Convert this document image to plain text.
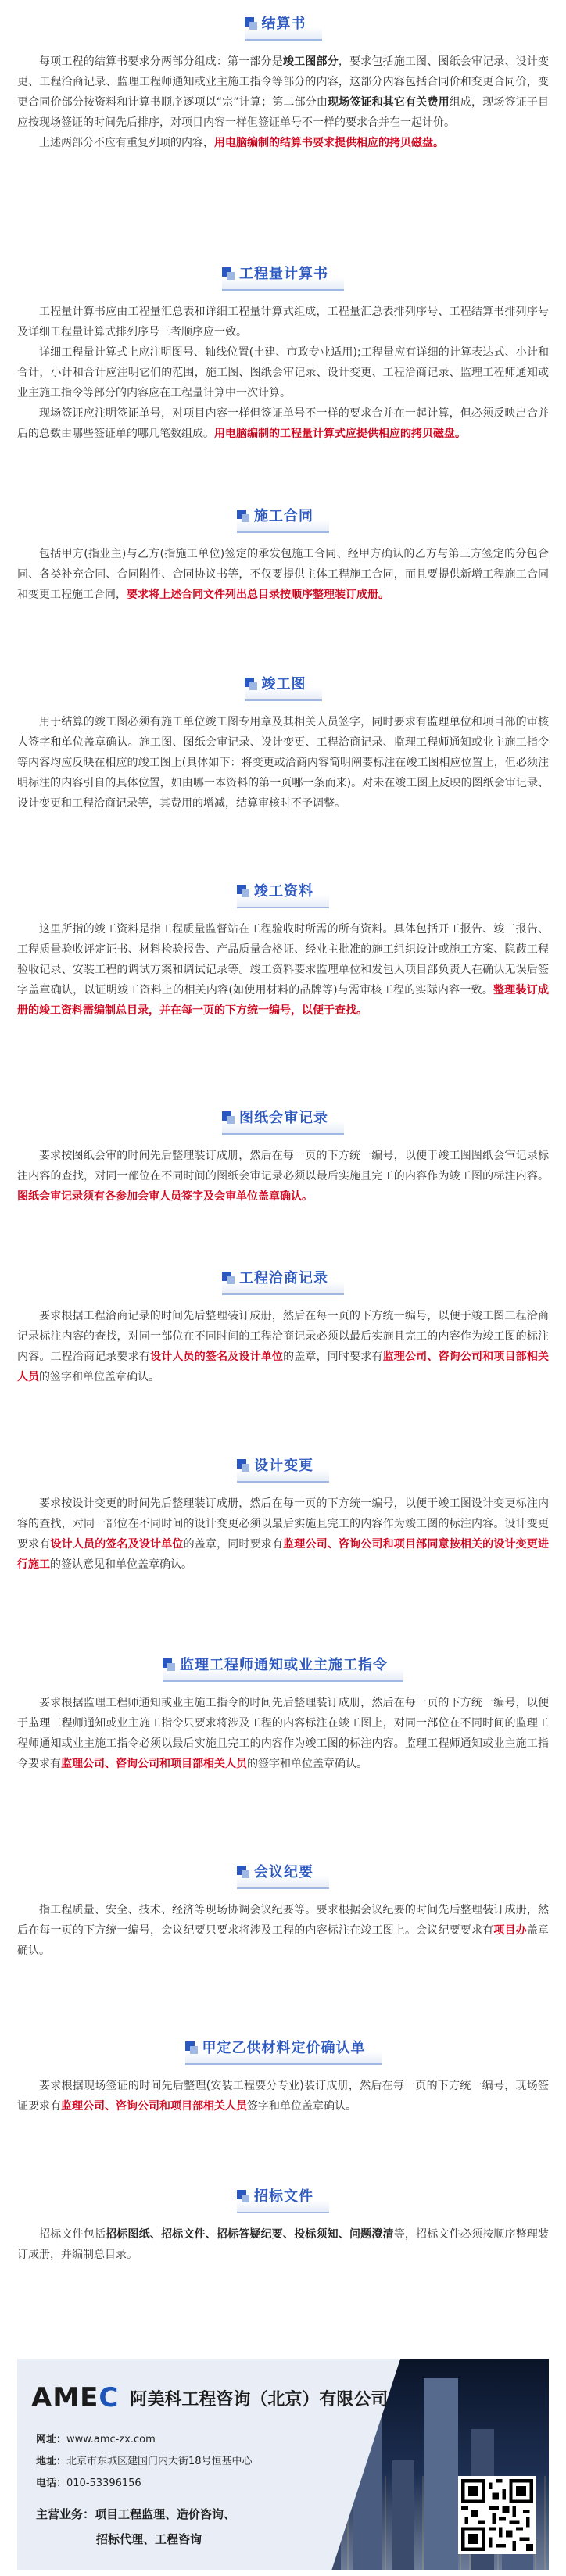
结算书

每项工程的结算书要求分两部分组成：第一部分是竣工图部分，要求包括施工图、图纸会审记录、设计变更、工程洽商记录、监理工程师通知或业主施工指令等部分的内容，这部分内容包括合同价和变更合同价，变更合同价部分按资料和计算书顺序逐项以“宗”计算；第二部分由现场签证和其它有关费用组成，现场签证子目应按现场签证的时间先后排序，对项目内容一样但签证单号不一样的要求合并在一起计价。

上述两部分不应有重复列项的内容，用电脑编制的结算书要求提供相应的拷贝磁盘。

工程量计算书

工程量计算书应由工程量汇总表和详细工程量计算式组成，工程量汇总表排列序号、工程结算书排列序号及详细工程量计算式排列序号三者顺序应一致。

详细工程量计算式上应注明图号、轴线位置(土建、市政专业适用);工程量应有详细的计算表达式、小计和合计，小计和合计应注明它们的范围，施工图、图纸会审记录、设计变更、工程洽商记录、监理工程师通知或业主施工指令等部分的内容应在工程量计算中一次计算。

现场签证应注明签证单号，对项目内容一样但签证单号不一样的要求合并在一起计算，但必须反映出合并后的总数由哪些签证单的哪几笔数组成。用电脑编制的工程量计算式应提供相应的拷贝磁盘。

施工合同

包括甲方(指业主)与乙方(指施工单位)签定的承发包施工合同、经甲方确认的乙方与第三方签定的分包合同、各类补充合同、合同附件、合同协议书等，不仅要提供主体工程施工合同，而且要提供新增工程施工合同和变更工程施工合同，要求将上述合同文件列出总目录按顺序整理装订成册。

竣工图

用于结算的竣工图必须有施工单位竣工图专用章及其相关人员签字，同时要求有监理单位和项目部的审核人签字和单位盖章确认。施工图、图纸会审记录、设计变更、工程洽商记录、监理工程师通知或业主施工指令等内容均应反映在相应的竣工图上(具体如下：将变更或洽商内容简明阐要标注在竣工图相应位置上，但必须注明标注的内容引自的具体位置，如由哪一本资料的第一页哪一条而来)。对未在竣工图上反映的图纸会审记录、设计变更和工程洽商记录等，其费用的增减，结算审核时不予调整。

竣工资料

这里所指的竣工资料是指工程质量监督站在工程验收时所需的所有资料。具体包括开工报告、竣工报告、工程质量验收评定证书、材料检验报告、产品质量合格证、经业主批准的施工组织设计或施工方案、隐蔽工程验收记录、安装工程的调试方案和调试记录等。竣工资料要求监理单位和发包人项目部负责人在确认无误后签字盖章确认，以证明竣工资料上的相关内容(如使用材料的品牌等)与需审核工程的实际内容一致。整理装订成册的竣工资料需编制总目录，并在每一页的下方统一编号，以便于查找。

图纸会审记录

要求按图纸会审的时间先后整理装订成册，然后在每一页的下方统一编号，以便于竣工图图纸会审记录标注内容的查找，对同一部位在不同时间的图纸会审记录必须以最后实施且完工的内容作为竣工图的标注内容。图纸会审记录须有各参加会审人员签字及会审单位盖章确认。

工程洽商记录

要求根据工程洽商记录的时间先后整理装订成册，然后在每一页的下方统一编号，以便于竣工图工程洽商记录标注内容的查找，对同一部位在不同时间的工程洽商记录必须以最后实施且完工的内容作为竣工图的标注内容。工程洽商记录要求有设计人员的签名及设计单位的盖章，同时要求有监理公司、咨询公司和项目部相关人员的签字和单位盖章确认。

设计变更

要求按设计变更的时间先后整理装订成册，然后在每一页的下方统一编号，以便于竣工图设计变更标注内容的查找，对同一部位在不同时间的设计变更必须以最后实施且完工的内容作为竣工图的标注内容。设计变更要求有设计人员的签名及设计单位的盖章，同时要求有监理公司、咨询公司和项目部同意按相关的设计变更进行施工的签认意见和单位盖章确认。

监理工程师通知或业主施工指令

要求根据监理工程师通知或业主施工指令的时间先后整理装订成册，然后在每一页的下方统一编号，以便于监理工程师通知或业主施工指令只要求将涉及工程的内容标注在竣工图上，对同一部位在不同时间的监理工程师通知或业主施工指令必须以最后实施且完工的内容作为竣工图的标注内容。监理工程师通知或业主施工指令要求有监理公司、咨询公司和项目部相关人员的签字和单位盖章确认。

会议纪要

指工程质量、安全、技术、经济等现场协调会议纪要等。要求根据会议纪要的时间先后整理装订成册，然后在每一页的下方统一编号，会议纪要只要求将涉及工程的内容标注在竣工图上。会议纪要要求有项目办盖章确认。

甲定乙供材料定价确认单

要求根据现场签证的时间先后整理(安装工程要分专业)装订成册，然后在每一页的下方统一编号，现场签证要求有监理公司、咨询公司和项目部相关人员签字和单位盖章确认。

招标文件

招标文件包括招标图纸、招标文件、招标答疑纪要、投标须知、问题澄清等，招标文件必须按顺序整理装订成册，并编制总目录。

AMEC 阿美科工程咨询（北京）有限公司
网址： www.amc-zx.com
地址： 北京市东城区建国门内大街18号恒基中心
电话： 010-53396156
主营业务：项目工程监理、造价咨询、
招标代理、工程咨询
